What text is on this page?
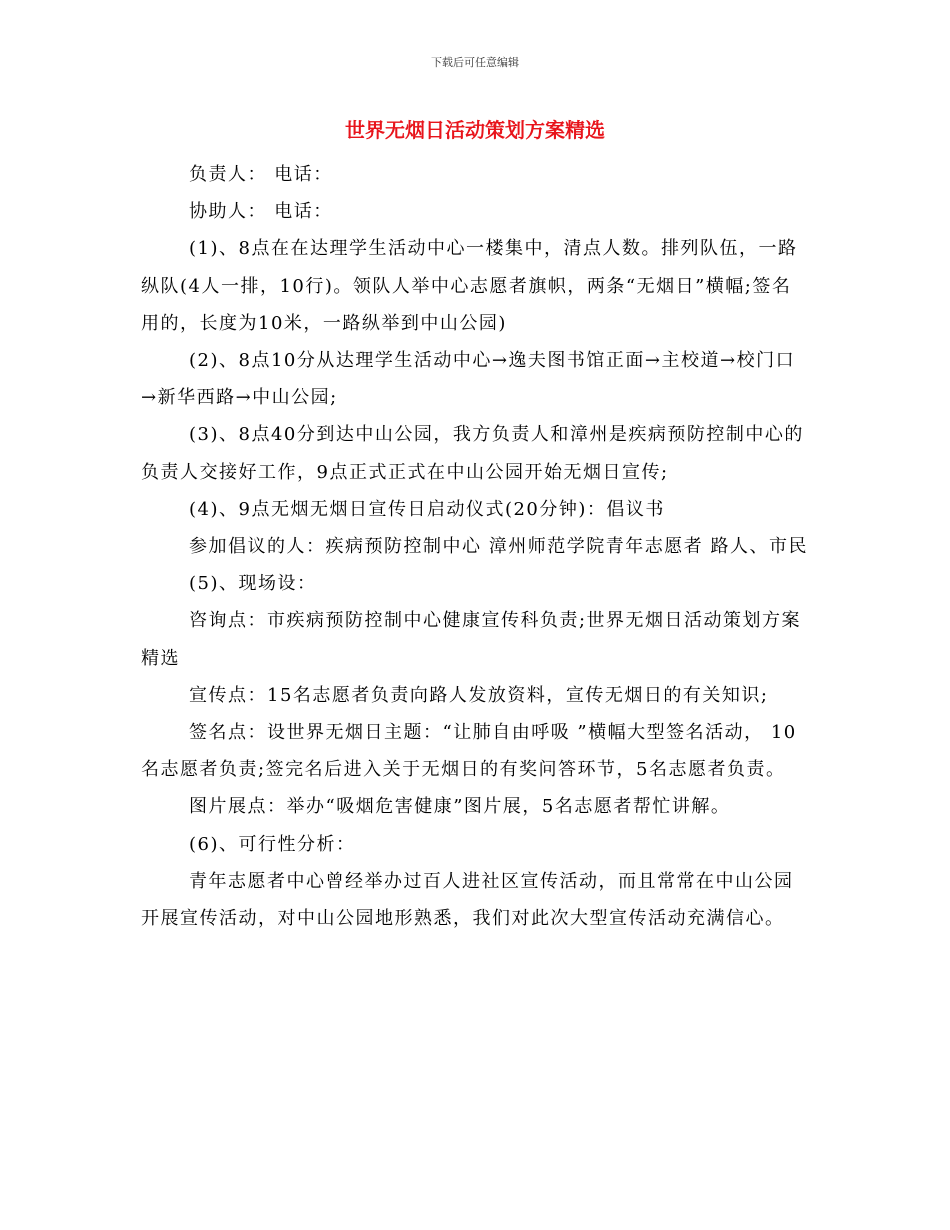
下载后可任意编辑
世界无烟日活动策划方案精选

负责人： 电话：

协助人： 电话：

(1)、8点在在达理学生活动中心一楼集中，清点人数。排列队伍，一路纵队(4人一排，10行)。领队人举中心志愿者旗帜，两条“无烟日”横幅;签名用的，长度为10米，一路纵举到中山公园)

(2)、8点10分从达理学生活动中心→逸夫图书馆正面→主校道→校门口→新华西路→中山公园;

(3)、8点40分到达中山公园，我方负责人和漳州是疾病预防控制中心的负责人交接好工作，9点正式正式在中山公园开始无烟日宣传;

(4)、9点无烟无烟日宣传日启动仪式(20分钟)：倡议书

参加倡议的人：疾病预防控制中心 漳州师范学院青年志愿者 路人、市民

(5)、现场设：

咨询点：市疾病预防控制中心健康宣传科负责;世界无烟日活动策划方案精选

宣传点：15名志愿者负责向路人发放资料，宣传无烟日的有关知识;

签名点：设世界无烟日主题：“让肺自由呼吸 ”横幅大型签名活动， 10名志愿者负责;签完名后进入关于无烟日的有奖问答环节，5名志愿者负责。

图片展点：举办“吸烟危害健康”图片展，5名志愿者帮忙讲解。

(6)、可行性分析：

青年志愿者中心曾经举办过百人进社区宣传活动，而且常常在中山公园开展宣传活动，对中山公园地形熟悉，我们对此次大型宣传活动充满信心。
